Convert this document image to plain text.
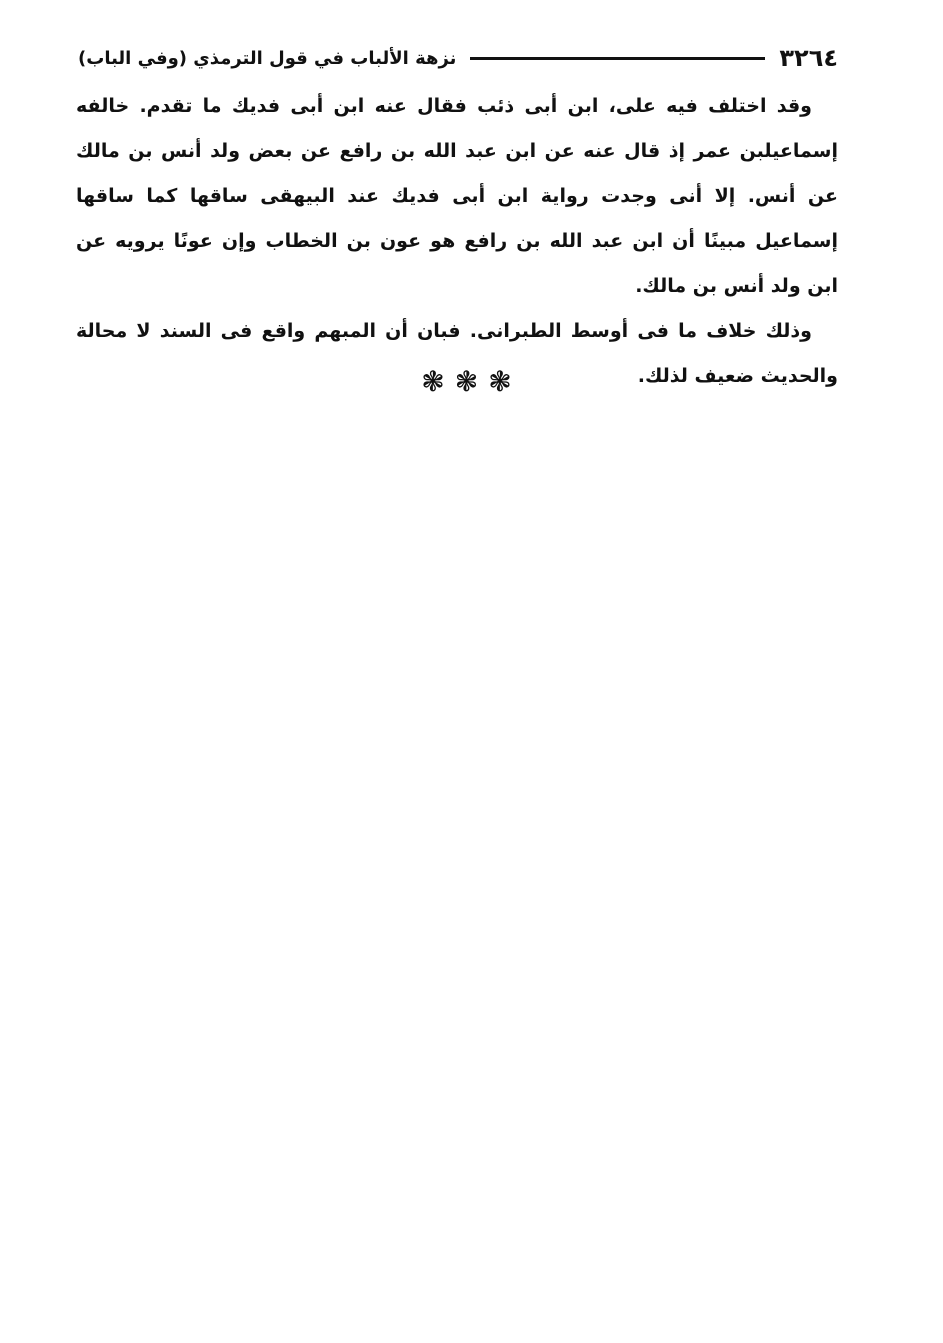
٣٢٦٤
نزهة الألباب في قول الترمذي (وفي الباب)

وقد اختلف فيه على، ابن أبى ذئب فقال عنه ابن أبى فديك ما تقدم. خالفه إسماعيلبن عمر إذ قال عنه عن ابن عبد الله بن رافع عن بعض ولد أنس بن مالك عن أنس. إلا أنى وجدت رواية ابن أبى فديك عند البيهقى ساقها كما ساقها إسماعيل مبينًا أن ابن عبد الله بن رافع هو عون بن الخطاب وإن عونًا يرويه عن ابن ولد أنس بن مالك.

وذلك خلاف ما فى أوسط الطبرانى. فبان أن المبهم واقع فى السند لا محالة والحديث ضعيف لذلك.

❃❃❃
